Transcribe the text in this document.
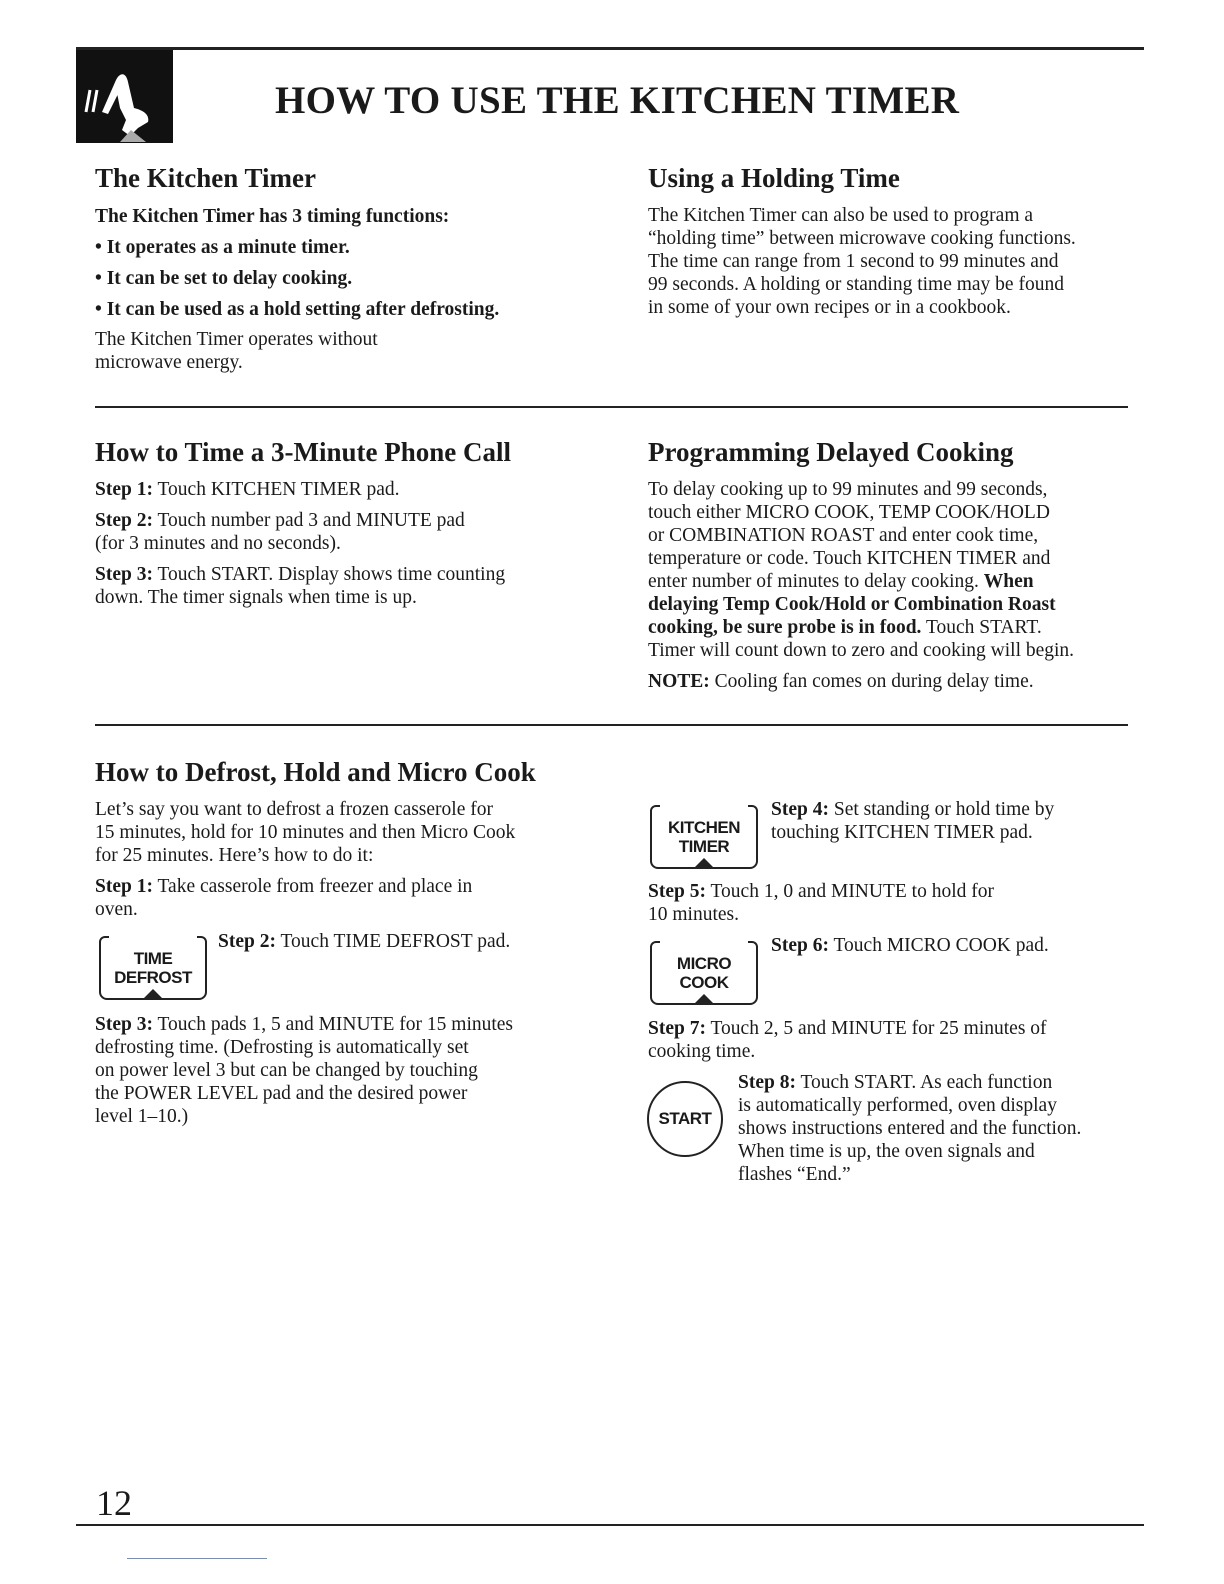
HOW TO USE THE KITCHEN TIMER
The Kitchen Timer

The Kitchen Timer has 3 timing functions:

• It operates as a minute timer.

• It can be set to delay cooking.

• It can be used as a hold setting after defrosting.

The Kitchen Timer operates without
microwave energy.

Using a Holding Time

The Kitchen Timer can also be used to program a
“holding time” between microwave cooking functions.
The time can range from 1 second to 99 minutes and
99 seconds. A holding or standing time may be found
in some of your own recipes or in a cookbook.

How to Time a 3-Minute Phone Call

Step 1: Touch KITCHEN TIMER pad.

Step 2: Touch number pad 3 and MINUTE pad
(for 3 minutes and no seconds).

Step 3: Touch START. Display shows time counting
down. The timer signals when time is up.

Programming Delayed Cooking

To delay cooking up to 99 minutes and 99 seconds,
touch either MICRO COOK, TEMP COOK/HOLD
or COMBINATION ROAST and enter cook time,
temperature or code. Touch KITCHEN TIMER and
enter number of minutes to delay cooking. When
delaying Temp Cook/Hold or Combination Roast
cooking, be sure probe is in food. Touch START.
Timer will count down to zero and cooking will begin.

NOTE: Cooling fan comes on during delay time.

How to Defrost, Hold and Micro Cook

Let’s say you want to defrost a frozen casserole for
15 minutes, hold for 10 minutes and then Micro Cook
for 25 minutes. Here’s how to do it:

Step 1: Take casserole from freezer and place in
oven.

TIME
DEFROST

Step 2: Touch TIME DEFROST pad.

Step 3: Touch pads 1, 5 and MINUTE for 15 minutes
defrosting time. (Defrosting is automatically set
on power level 3 but can be changed by touching
the POWER LEVEL pad and the desired power
level 1–10.)

KITCHEN
TIMER

Step 4: Set standing or hold time by
touching KITCHEN TIMER pad.

Step 5: Touch 1, 0 and MINUTE to hold for
10 minutes.

MICRO
COOK

Step 6: Touch MICRO COOK pad.

Step 7: Touch 2, 5 and MINUTE for 25 minutes of
cooking time.

START

Step 8: Touch START. As each function
is automatically performed, oven display
shows instructions entered and the function.
When time is up, the oven signals and
flashes “End.”

12
